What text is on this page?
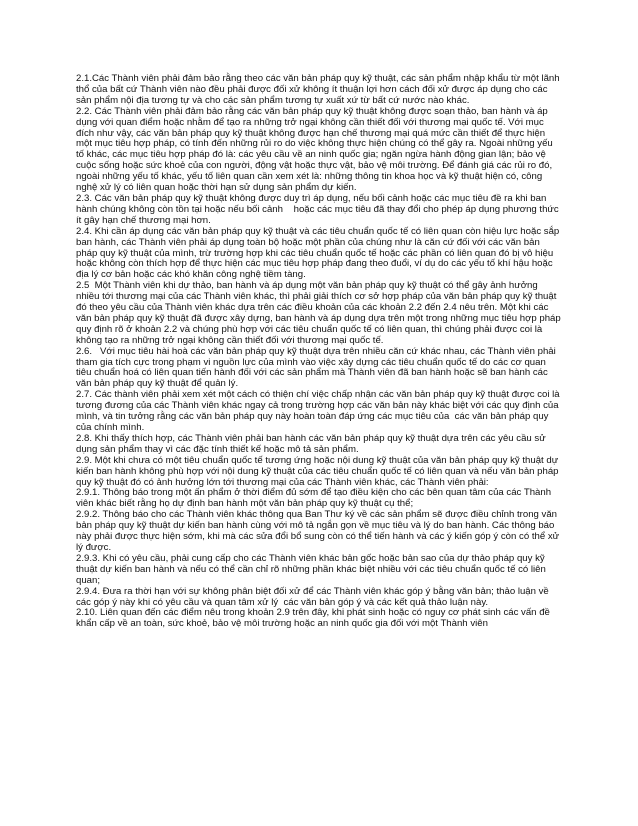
2.1.Các Thành viên phải đảm bảo rằng theo các văn bản pháp quy kỹ thuật, các sản phẩm nhập khẩu từ một lãnh thổ của bất cứ Thành viên nào đều phải được đối xử không ít thuận lợi hơn cách đối xử được áp dụng cho các sản phẩm nội địa tương tự và cho các sản phẩm tương tự xuất xứ từ bất cứ nước nào khác.

2.2. Các Thành viên phải đảm bảo rằng các văn bản pháp quy kỹ thuật không được soạn thảo, ban hành và áp dụng với quan điểm hoặc nhằm để tạo ra những trở ngại không cần thiết đối với thương mại quốc tế. Với mục đích như vậy, các văn bản pháp quy kỹ thuật không được hạn chế thương mại quá mức cần thiết để thực hiện một mục tiêu hợp pháp, có tính đến những rủi ro do việc không thực hiện chúng có thể gây ra. Ngoài những yếu tố khác, các mục tiêu hợp pháp đó là: các yêu cầu về an ninh quốc gia; ngăn ngừa hành động gian lận; bảo vệ cuộc sống hoặc sức khoẻ của con người, động vật hoặc thực vật, bảo vệ môi trường. Để đánh giá các rủi ro đó, ngoài những yếu tố khác, yếu tố liên quan cần xem xét là: những thông tin khoa học và kỹ thuật hiện có, công nghệ xử lý có liên quan hoặc thời hạn sử dụng sản phẩm dự kiến.

2.3. Các văn bản pháp quy kỹ thuật không được duy trì áp dụng, nếu bối cảnh hoặc các mục tiêu đề ra khi ban hành chúng không còn tồn tại hoặc nếu bối cảnh    hoặc các mục tiêu đã thay đổi cho phép áp dụng phương thức ít gây hạn chế thương mại hơn.

2.4. Khi cần áp dụng các văn bản pháp quy kỹ thuật và các tiêu chuẩn quốc tế có liên quan còn hiệu lực hoặc sắp ban hành, các Thành viên phải áp dụng toàn bộ hoặc một phần của chúng như là căn cứ đối với các văn bản pháp quy kỹ thuật của mình, trừ trường hợp khi các tiêu chuẩn quốc tế hoặc các phần có liên quan đó bị vô hiệu hoặc không còn thích hợp để thực hiện các mục tiêu hợp pháp đang theo đuổi, ví dụ do các yếu tố khí hậu hoặc địa lý cơ bản hoặc các khó khăn công nghệ tiềm tàng.

2.5  Một Thành viên khi dự thảo, ban hành và áp dụng một văn bản pháp quy kỹ thuật có thể gây ảnh hưởng nhiều tới thương mại của các Thành viên khác, thì phải giải thích cơ sở hợp pháp của văn bản pháp quy kỹ thuật đó theo yêu cầu của Thành viên khác dựa trên các điều khoản của các khoản 2.2 đến 2.4 nêu trên. Một khi các văn bản pháp quy kỹ thuật đã được xây dựng, ban hành và áp dụng dựa trên một trong những mục tiêu hợp pháp quy định rõ ở khoản 2.2 và chúng phù hợp với các tiêu chuẩn quốc tế có liên quan, thì chúng phải được coi là không tạo ra những trở ngại không cần thiết đối với thương mại quốc tế.

2.6.   Với mục tiêu hài hoà các văn bản pháp quy kỹ thuật dựa trên nhiều căn cứ khác nhau, các Thành viên phải tham gia tích cực trong phạm vi nguồn lực của mình vào việc xây dựng các tiêu chuẩn quốc tế do các cơ quan tiêu chuẩn hoá có liên quan tiến hành đối với các sản phẩm mà Thành viên đã ban hành hoặc sẽ ban hành các văn bản pháp quy kỹ thuật để quản lý.

2.7. Các thành viên phải xem xét một cách có thiện chí việc chấp nhận các văn bản pháp quy kỹ thuật được coi là tương đương của các Thành viên khác ngay cả trong trường hợp các văn bản này khác biệt với các quy định của mình, và tin tưởng rằng các văn bản pháp quy này hoàn toàn đáp ứng các mục tiêu của  các văn bản pháp quy của chính mình.

2.8. Khi thấy thích hợp, các Thành viên phải ban hành các văn bản pháp quy kỹ thuật dựa trên các yêu cầu sử dụng sản phẩm thay vì các đặc tính thiết kế hoặc mô tả sản phẩm.

2.9. Một khi chưa có một tiêu chuẩn quốc tế tương ứng hoặc nội dung kỹ thuật của văn bản pháp quy kỹ thuật dự kiến ban hành không phù hợp với nội dung kỹ thuật của các tiêu chuẩn quốc tế có liên quan và nếu văn bản pháp quy kỹ thuật đó có ảnh hưởng lớn tới thương mại của các Thành viên khác, các Thành viên phải:

2.9.1. Thông báo trong một ấn phẩm ở thời điểm đủ sớm để tạo điều kiện cho các bên quan tâm của các Thành viên khác biết rằng họ dự định ban hành một văn bản pháp quy kỹ thuật cụ thể;

2.9.2. Thông báo cho các Thành viên khác thông qua Ban Thư ký về các sản phẩm sẽ được điều chỉnh trong văn bản pháp quy kỹ thuật dự kiến ban hành cùng với mô tả ngắn gọn về mục tiêu và lý do ban hành. Các thông báo này phải được thực hiện sớm, khi mà các sửa đổi bổ sung còn có thể tiến hành và các ý kiến góp ý còn có thể xử lý được.

2.9.3. Khi có yêu cầu, phải cung cấp cho các Thành viên khác bản gốc hoặc bản sao của dự thảo pháp quy kỹ thuật dự kiến ban hành và nếu có thể cần chỉ rõ những phần khác biệt nhiều với các tiêu chuẩn quốc tế có liên quan;

2.9.4. Đưa ra thời hạn với sự không phân biệt đối xử để các Thành viên khác góp ý bằng văn bản; thảo luận về các góp ý này khi có yêu cầu và quan tâm xử lý  các văn bản góp ý và các kết quả thảo luận này.

2.10. Liên quan đến các điểm nêu trong khoản 2.9 trên đây, khi phát sinh hoặc có nguy cơ phát sinh các vấn đề khẩn cấp về an toàn, sức khoẻ, bảo vệ môi trường hoặc an ninh quốc gia đối với một Thành viên
